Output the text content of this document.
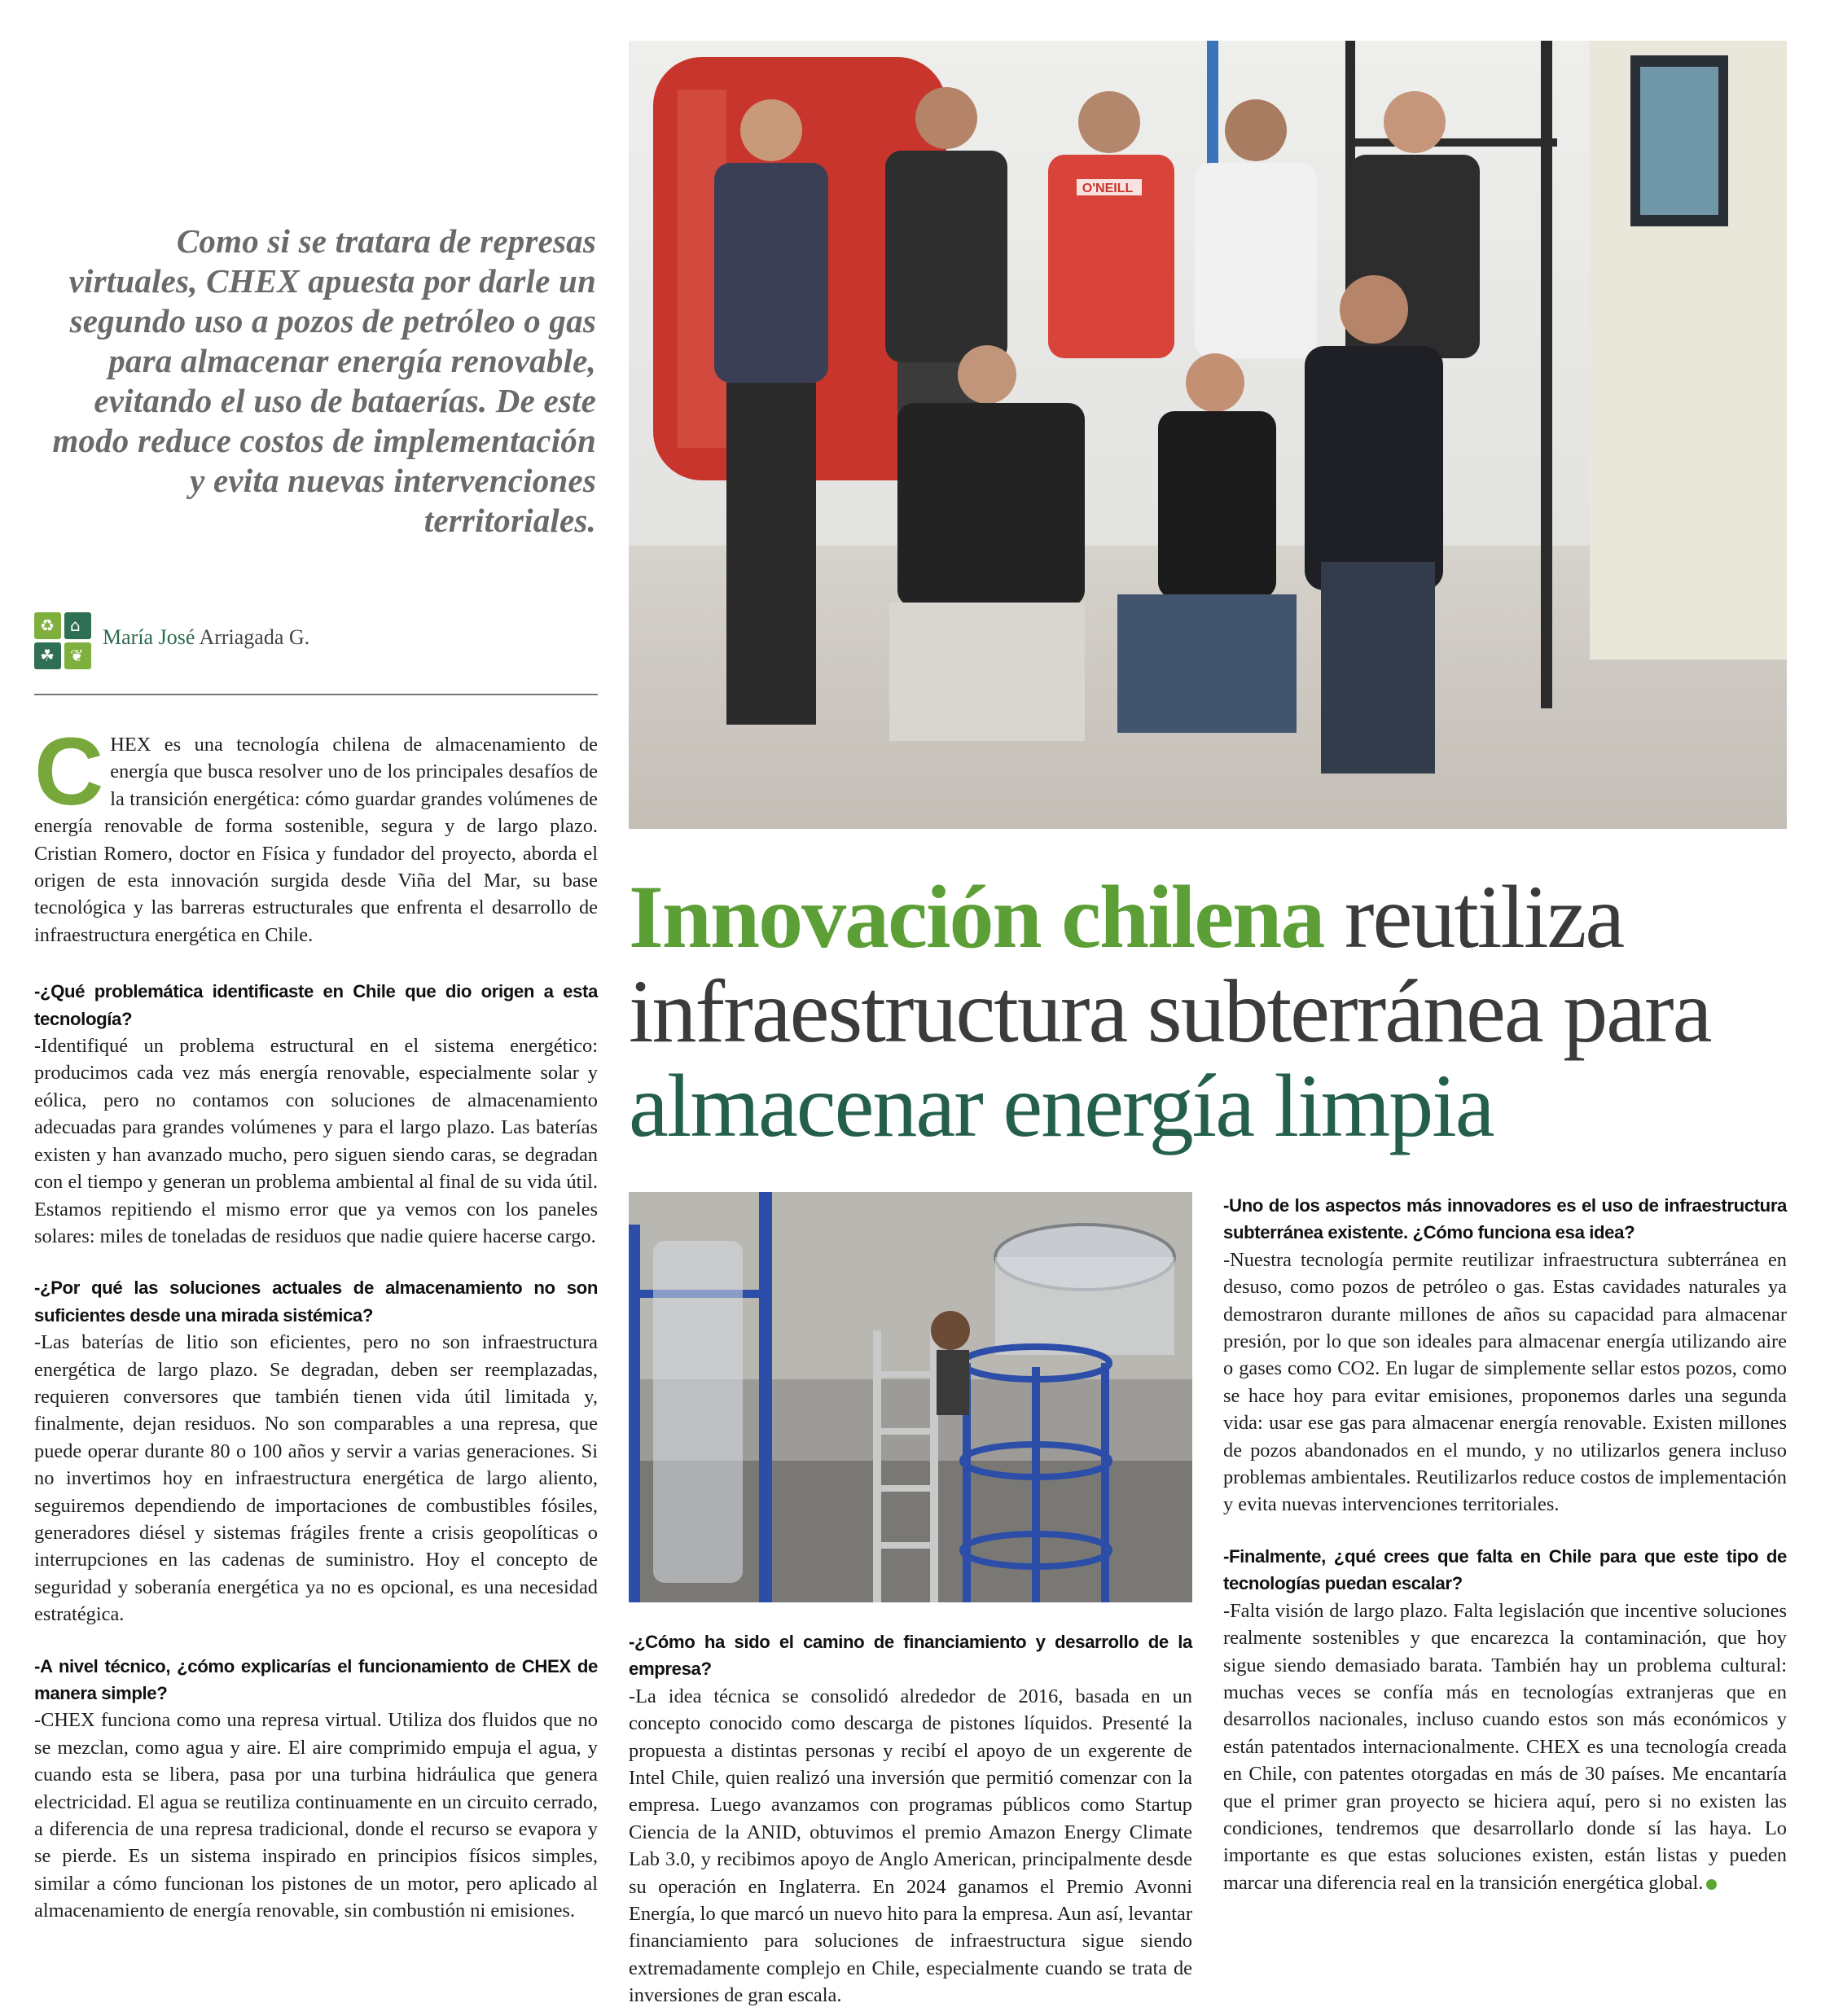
Como si se tratara de represas virtuales, CHEX apuesta por darle un segundo uso a pozos de petróleo o gas para almacenar energía renovable, evitando el uso de bataerías. De este modo reduce costos de implementación y evita nuevas intervenciones territoriales.
♻ ⌂
☘ ❦
María José Arriagada G.

CHEX es una tecnología chilena de almacenamiento de energía que busca resolver uno de los principales desafíos de la transición energética: cómo guardar grandes volúmenes de energía renovable de forma sostenible, segura y de largo plazo. Cristian Romero, doctor en Física y fundador del proyecto, aborda el origen de esta innovación surgida desde Viña del Mar, su base tecnológica y las barreras estructurales que enfrenta el desarrollo de infraestructura energética en Chile.

-¿Qué problemática identificaste en Chile que dio origen a esta tecnología?

-Identifiqué un problema estructural en el sistema energético: producimos cada vez más energía renovable, especialmente solar y eólica, pero no contamos con soluciones de almacenamiento adecuadas para grandes volúmenes y para el largo plazo. Las baterías existen y han avanzado mucho, pero siguen siendo caras, se degradan con el tiempo y generan un problema ambiental al final de su vida útil. Estamos repitiendo el mismo error que ya vemos con los paneles solares: miles de toneladas de residuos que nadie quiere hacerse cargo.

-¿Por qué las soluciones actuales de almacenamiento no son suficientes desde una mirada sistémica?

-Las baterías de litio son eficientes, pero no son infraestructura energética de largo plazo. Se degradan, deben ser reemplazadas, requieren conversores que también tienen vida útil limitada y, finalmente, dejan residuos. No son comparables a una represa, que puede operar durante 80 o 100 años y servir a varias generaciones. Si no invertimos hoy en infraestructura energética de largo aliento, seguiremos dependiendo de importaciones de combustibles fósiles, generadores diésel y sistemas frágiles frente a crisis geopolíticas o interrupciones en las cadenas de suministro. Hoy el concepto de seguridad y soberanía energética ya no es opcional, es una necesidad estratégica.

-A nivel técnico, ¿cómo explicarías el funcionamiento de CHEX de manera simple?

-CHEX funciona como una represa virtual. Utiliza dos fluidos que no se mezclan, como agua y aire. El aire comprimido empuja el agua, y cuando esta se libera, pasa por una turbina hidráulica que genera electricidad. El agua se reutiliza continuamente en un circuito cerrado, a diferencia de una represa tradicional, donde el recurso se evapora y se pierde. Es un sistema inspirado en principios físicos simples, similar a cómo funcionan los pistones de un motor, pero aplicado al almacenamiento de energía renovable, sin combustión ni emisiones.

O'NEILL
Innovación chilena reutiliza infraestructura subterránea para almacenar energía limpia

-¿Cómo ha sido el camino de financiamiento y desarrollo de la empresa?

-La idea técnica se consolidó alrededor de 2016, basada en un concepto conocido como descarga de pistones líquidos. Presenté la propuesta a distintas personas y recibí el apoyo de un exgerente de Intel Chile, quien realizó una inversión que permitió comenzar con la empresa. Luego avanzamos con programas públicos como Startup Ciencia de la ANID, obtuvimos el premio Amazon Energy Climate Lab 3.0, y recibimos apoyo de Anglo American, principalmente desde su operación en Inglaterra. En 2024 ganamos el Premio Avonni Energía, lo que marcó un nuevo hito para la empresa. Aun así, levantar financiamiento para soluciones de infraestructura sigue siendo extremadamente complejo en Chile, especialmente cuando se trata de inversiones de gran escala.

-Uno de los aspectos más innovadores es el uso de infraestructura subterránea existente. ¿Cómo funciona esa idea?

-Nuestra tecnología permite reutilizar infraestructura subterránea en desuso, como pozos de petróleo o gas. Estas cavidades naturales ya demostraron durante millones de años su capacidad para almacenar presión, por lo que son ideales para almacenar energía utilizando aire o gases como CO2. En lugar de simplemente sellar estos pozos, como se hace hoy para evitar emisiones, proponemos darles una segunda vida: usar ese gas para almacenar energía renovable. Existen millones de pozos abandonados en el mundo, y no utilizarlos genera incluso problemas ambientales. Reutilizarlos reduce costos de implementación y evita nuevas intervenciones territoriales.

-Finalmente, ¿qué crees que falta en Chile para que este tipo de tecnologías puedan escalar?

-Falta visión de largo plazo. Falta legislación que incentive soluciones realmente sostenibles y que encarezca la contaminación, que hoy sigue siendo demasiado barata. También hay un problema cultural: muchas veces se confía más en tecnologías extranjeras que en desarrollos nacionales, incluso cuando estos son más económicos y están patentados internacionalmente. CHEX es una tecnología creada en Chile, con patentes otorgadas en más de 30 países. Me encantaría que el primer gran proyecto se hiciera aquí, pero si no existen las condiciones, tendremos que desarrollarlo donde sí las haya. Lo importante es que estas soluciones existen, están listas y pueden marcar una diferencia real en la transición energética global.
